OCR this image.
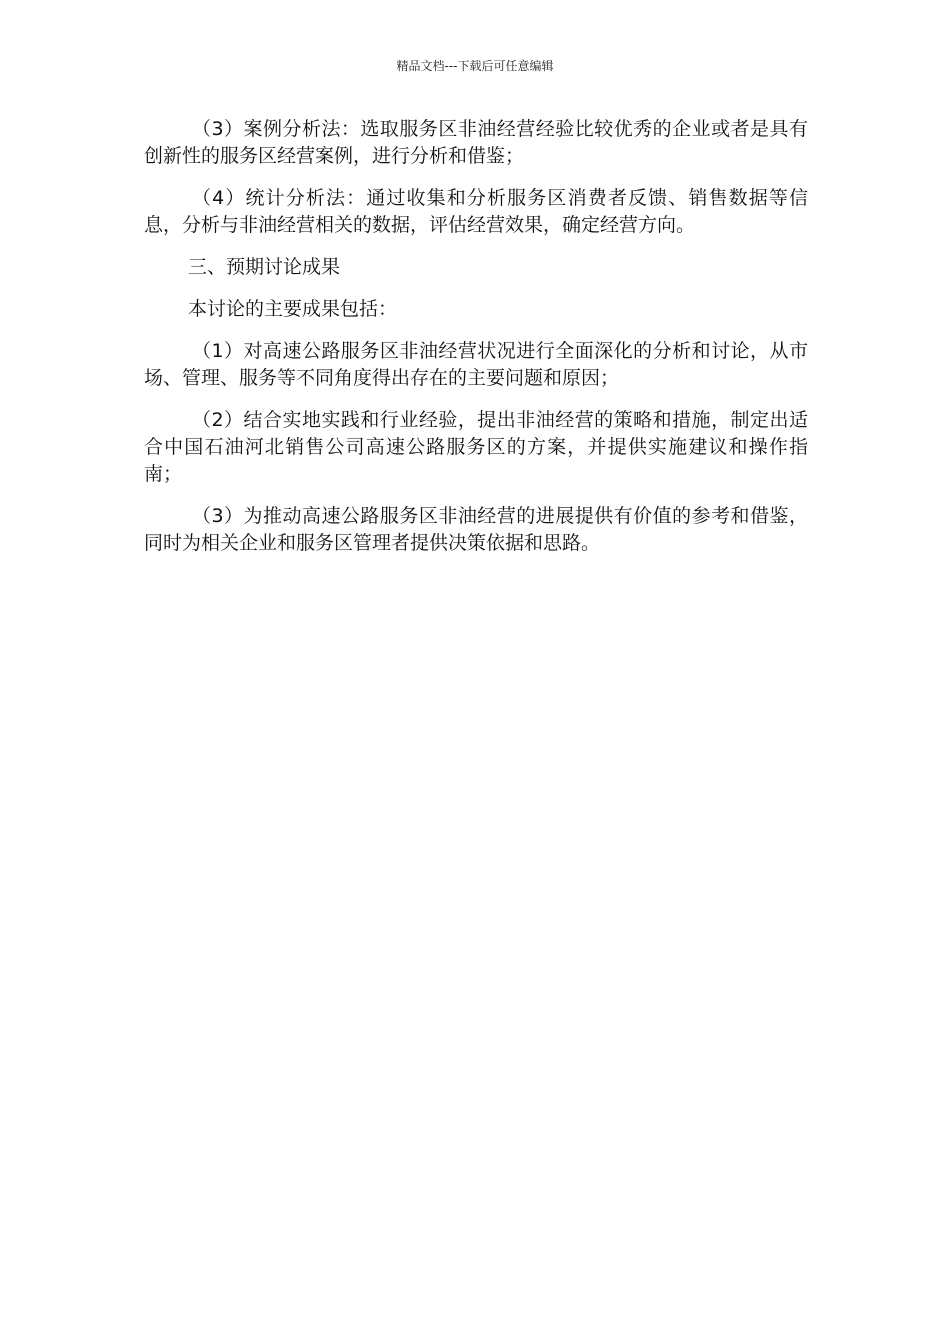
精品文档---下载后可任意编辑

（3）案例分析法：选取服务区非油经营经验比较优秀的企业或者是具有创新性的服务区经营案例，进行分析和借鉴；

（4）统计分析法：通过收集和分析服务区消费者反馈、销售数据等信息，分析与非油经营相关的数据，评估经营效果，确定经营方向。

三、预期讨论成果

本讨论的主要成果包括：

（1）对高速公路服务区非油经营状况进行全面深化的分析和讨论，从市场、管理、服务等不同角度得出存在的主要问题和原因；

（2）结合实地实践和行业经验，提出非油经营的策略和措施，制定出适合中国石油河北销售公司高速公路服务区的方案，并提供实施建议和操作指南；

（3）为推动高速公路服务区非油经营的进展提供有价值的参考和借鉴，同时为相关企业和服务区管理者提供决策依据和思路。
